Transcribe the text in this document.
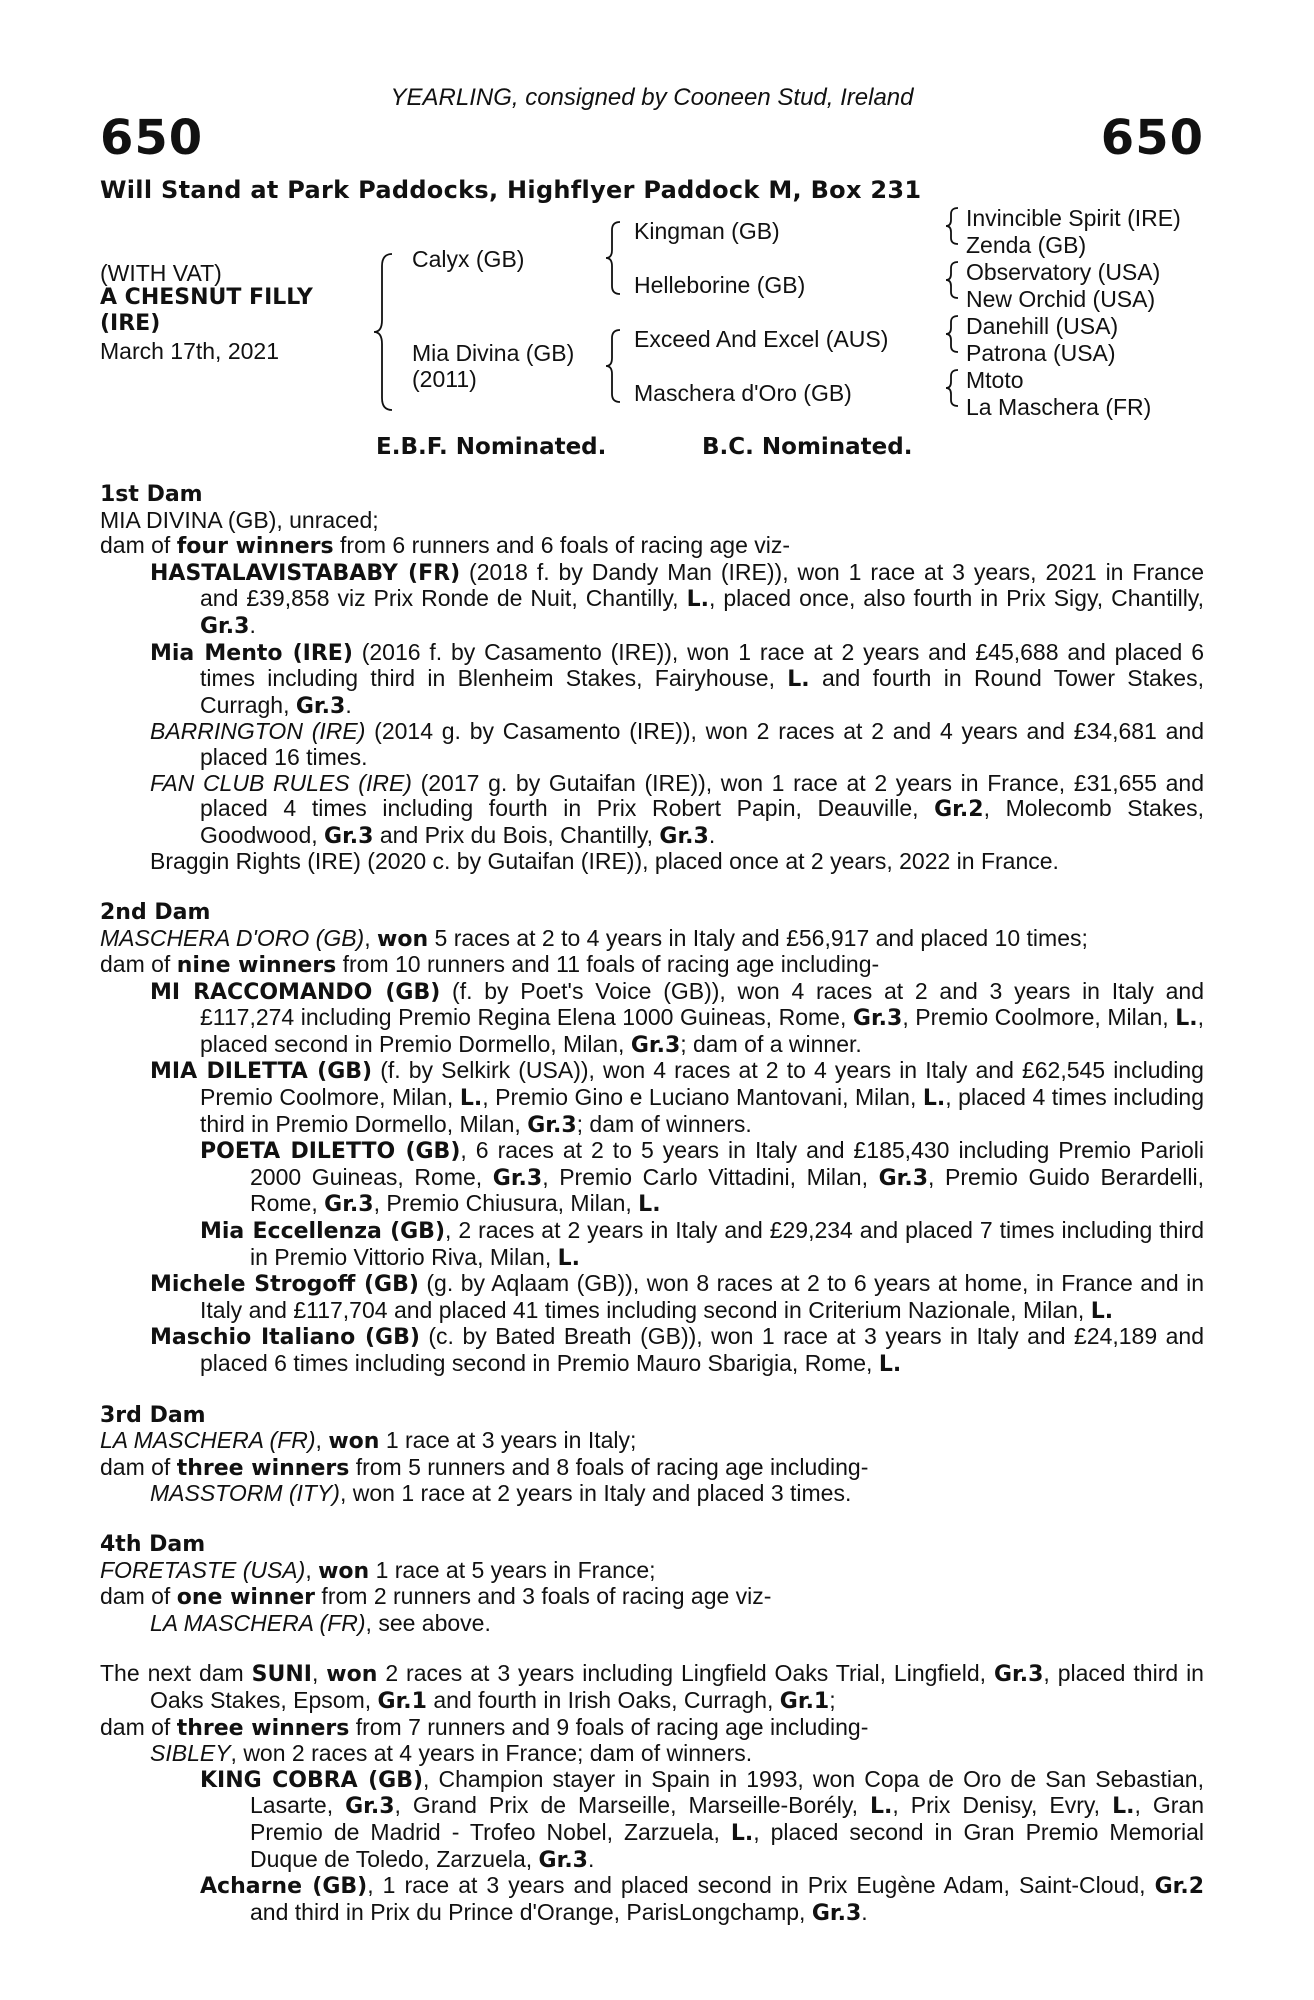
YEARLING, consigned by Cooneen Stud, Ireland
650	650
Will Stand at Park Paddocks, Highflyer Paddock M, Box 231
(WITH VAT)
A CHESNUT FILLY
(IRE)
March 17th, 2021
Calyx (GB)
Mia Divina (GB)
(2011)
Kingman (GB)
Helleborine (GB)
Exceed And Excel (AUS)
Maschera d'Oro (GB)
Invincible Spirit (IRE)
Zenda (GB)
Observatory (USA)
New Orchid (USA)
Danehill (USA)
Patrona (USA)
Mtoto
La Maschera (FR)
E.B.F. Nominated.	B.C. Nominated.

1st Dam

MIA DIVINA (GB), unraced;

dam of four winners from 6 runners and 6 foals of racing age viz-

HASTALAVISTABABY (FR) (2018 f. by Dandy Man (IRE)), won 1 race at 3 years, 2021 in France and £39,858 viz Prix Ronde de Nuit, Chantilly, L., placed once, also fourth in Prix Sigy, Chantilly, Gr.3.

Mia Mento (IRE) (2016 f. by Casamento (IRE)), won 1 race at 2 years and £45,688 and placed 6 times including third in Blenheim Stakes, Fairyhouse, L. and fourth in Round Tower Stakes, Curragh, Gr.3.

BARRINGTON (IRE) (2014 g. by Casamento (IRE)), won 2 races at 2 and 4 years and £34,681 and placed 16 times.

FAN CLUB RULES (IRE) (2017 g. by Gutaifan (IRE)), won 1 race at 2 years in France, £31,655 and placed 4 times including fourth in Prix Robert Papin, Deauville, Gr.2, Molecomb Stakes, Goodwood, Gr.3 and Prix du Bois, Chantilly, Gr.3.

Braggin Rights (IRE) (2020 c. by Gutaifan (IRE)), placed once at 2 years, 2022 in France.

2nd Dam

MASCHERA D'ORO (GB), won 5 races at 2 to 4 years in Italy and £56,917 and placed 10 times;

dam of nine winners from 10 runners and 11 foals of racing age including-

MI RACCOMANDO (GB) (f. by Poet's Voice (GB)), won 4 races at 2 and 3 years in Italy and £117,274 including Premio Regina Elena 1000 Guineas, Rome, Gr.3, Premio Coolmore, Milan, L., placed second in Premio Dormello, Milan, Gr.3; dam of a winner.

MIA DILETTA (GB) (f. by Selkirk (USA)), won 4 races at 2 to 4 years in Italy and £62,545 including Premio Coolmore, Milan, L., Premio Gino e Luciano Mantovani, Milan, L., placed 4 times including third in Premio Dormello, Milan, Gr.3; dam of winners.

POETA DILETTO (GB), 6 races at 2 to 5 years in Italy and £185,430 including Premio Parioli 2000 Guineas, Rome, Gr.3, Premio Carlo Vittadini, Milan, Gr.3, Premio Guido Berardelli, Rome, Gr.3, Premio Chiusura, Milan, L.

Mia Eccellenza (GB), 2 races at 2 years in Italy and £29,234 and placed 7 times including third in Premio Vittorio Riva, Milan, L.

Michele Strogoff (GB) (g. by Aqlaam (GB)), won 8 races at 2 to 6 years at home, in France and in Italy and £117,704 and placed 41 times including second in Criterium Nazionale, Milan, L.

Maschio Italiano (GB) (c. by Bated Breath (GB)), won 1 race at 3 years in Italy and £24,189 and placed 6 times including second in Premio Mauro Sbarigia, Rome, L.

3rd Dam

LA MASCHERA (FR), won 1 race at 3 years in Italy;

dam of three winners from 5 runners and 8 foals of racing age including-

MASSTORM (ITY), won 1 race at 2 years in Italy and placed 3 times.

4th Dam

FORETASTE (USA), won 1 race at 5 years in France;

dam of one winner from 2 runners and 3 foals of racing age viz-

LA MASCHERA (FR), see above.

The next dam SUNI, won 2 races at 3 years including Lingfield Oaks Trial, Lingfield, Gr.3, placed third in Oaks Stakes, Epsom, Gr.1 and fourth in Irish Oaks, Curragh, Gr.1;

dam of three winners from 7 runners and 9 foals of racing age including-

SIBLEY, won 2 races at 4 years in France; dam of winners.

KING COBRA (GB), Champion stayer in Spain in 1993, won Copa de Oro de San Sebastian, Lasarte, Gr.3, Grand Prix de Marseille, Marseille-Borély, L., Prix Denisy, Evry, L., Gran Premio de Madrid - Trofeo Nobel, Zarzuela, L., placed second in Gran Premio Memorial Duque de Toledo, Zarzuela, Gr.3.

Acharne (GB), 1 race at 3 years and placed second in Prix Eugène Adam, Saint-Cloud, Gr.2 and third in Prix du Prince d'Orange, ParisLongchamp, Gr.3.
